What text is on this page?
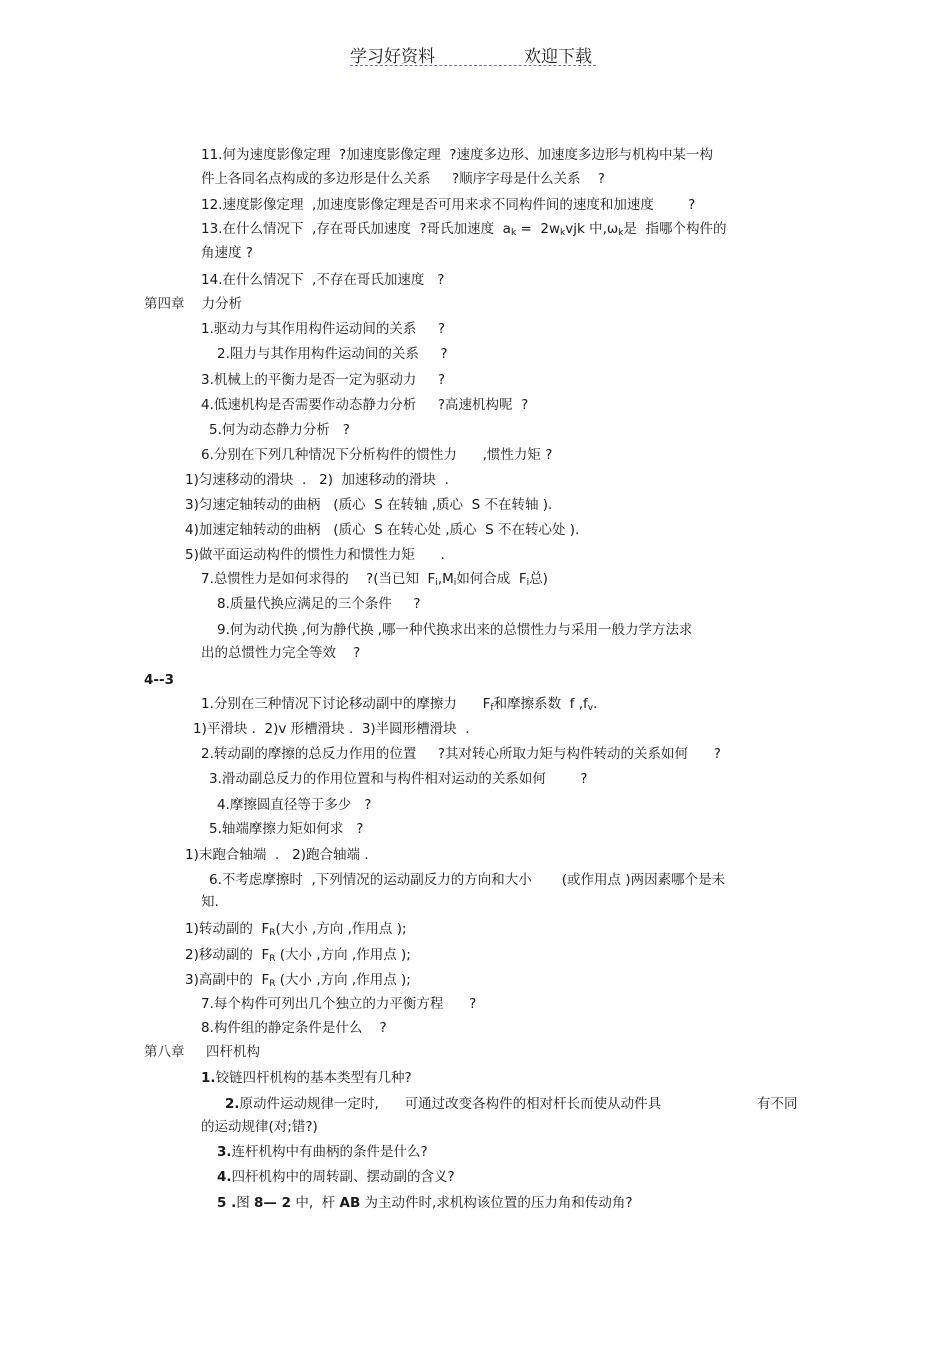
学习好资料	欢迎下载
11.何为速度影像定理  ?加速度影像定理  ?速度多边形、加速度多边形与机构中某一构
件上各同名点构成的多边形是什么关系     ?顺序字母是什么关系    ?
12.速度影像定理  ,加速度影像定理是否可用来求不同构件间的速度和加速度        ?
13.在什么情况下  ,存在哥氏加速度  ?哥氏加速度  $a_k = 2w_kvjk$ 中$,\omega_k$是  指哪个构件的
角速度 ?
14.在什么情况下  ,不存在哥氏加速度   ?
第四章    力分析
1.驱动力与其作用构件运动间的关系     ?
2.阻力与其作用构件运动间的关系     ?
3.机械上的平衡力是否一定为驱动力     ?
4.低速机构是否需要作动态静力分析     ?高速机构呢  ?
5.何为动态静力分析   ?
6.分别在下列几种情况下分析构件的惯性力      ,惯性力矩 ?
1)匀速移动的滑块  .   2)  加速移动的滑块  .
3)匀速定轴转动的曲柄   (质心  S 在转轴 ,质心  S 不在转轴 ).
4)加速定轴转动的曲柄   (质心  S 在转心处 ,质心  S 不在转心处 ).
5)做平面运动构件的惯性力和惯性力矩      .
7.总惯性力是如何求得的    ?(当已知  $F_i,M_i$如何合成  $F_i$总)
8.质量代换应满足的三个条件     ?
9.何为动代换 ,何为静代换 ,哪一种代换求出来的总惯性力与采用一般力学方法求
出的总惯性力完全等效    ?
4--3
1.分别在三种情况下讨论移动副中的摩擦力      $F_f$和摩擦系数  f $,f_v$.
1)平滑块 .  2)v 形槽滑块 .  3)半圆形槽滑块  .
2.转动副的摩擦的总反力作用的位置     ?其对转心所取力矩与构件转动的关系如何      ?
3.滑动副总反力的作用位置和与构件相对运动的关系如何        ?
4.摩擦圆直径等于多少   ?
5.轴端摩擦力矩如何求   ?
1)末跑合轴端  .   2)跑合轴端 .
6.不考虑摩擦时  ,下列情况的运动副反力的方向和大小       (或作用点 )两因素哪个是未
知.
1)转动副的  $F_R$(大小 ,方向 ,作用点 );
2)移动副的  $F_R$ (大小 ,方向 ,作用点 );
3)高副中的  $F_R$ (大小 ,方向 ,作用点 );
7.每个构件可列出几个独立的力平衡方程      ?
8.构件组的静定条件是什么    ?
第八章     四杆机构
1.铰链四杆机构的基本类型有几种?
2.原动件运动规律一定时,      可通过改变各构件的相对杆长而使从动件具	有不同
的运动规律(对;错?)
3.连杆机构中有曲柄的条件是什么?
4.四杆机构中的周转副、摆动副的含义?
5 .图 8— 2 中,  杆 AB 为主动件时,求机构该位置的压力角和传动角?
